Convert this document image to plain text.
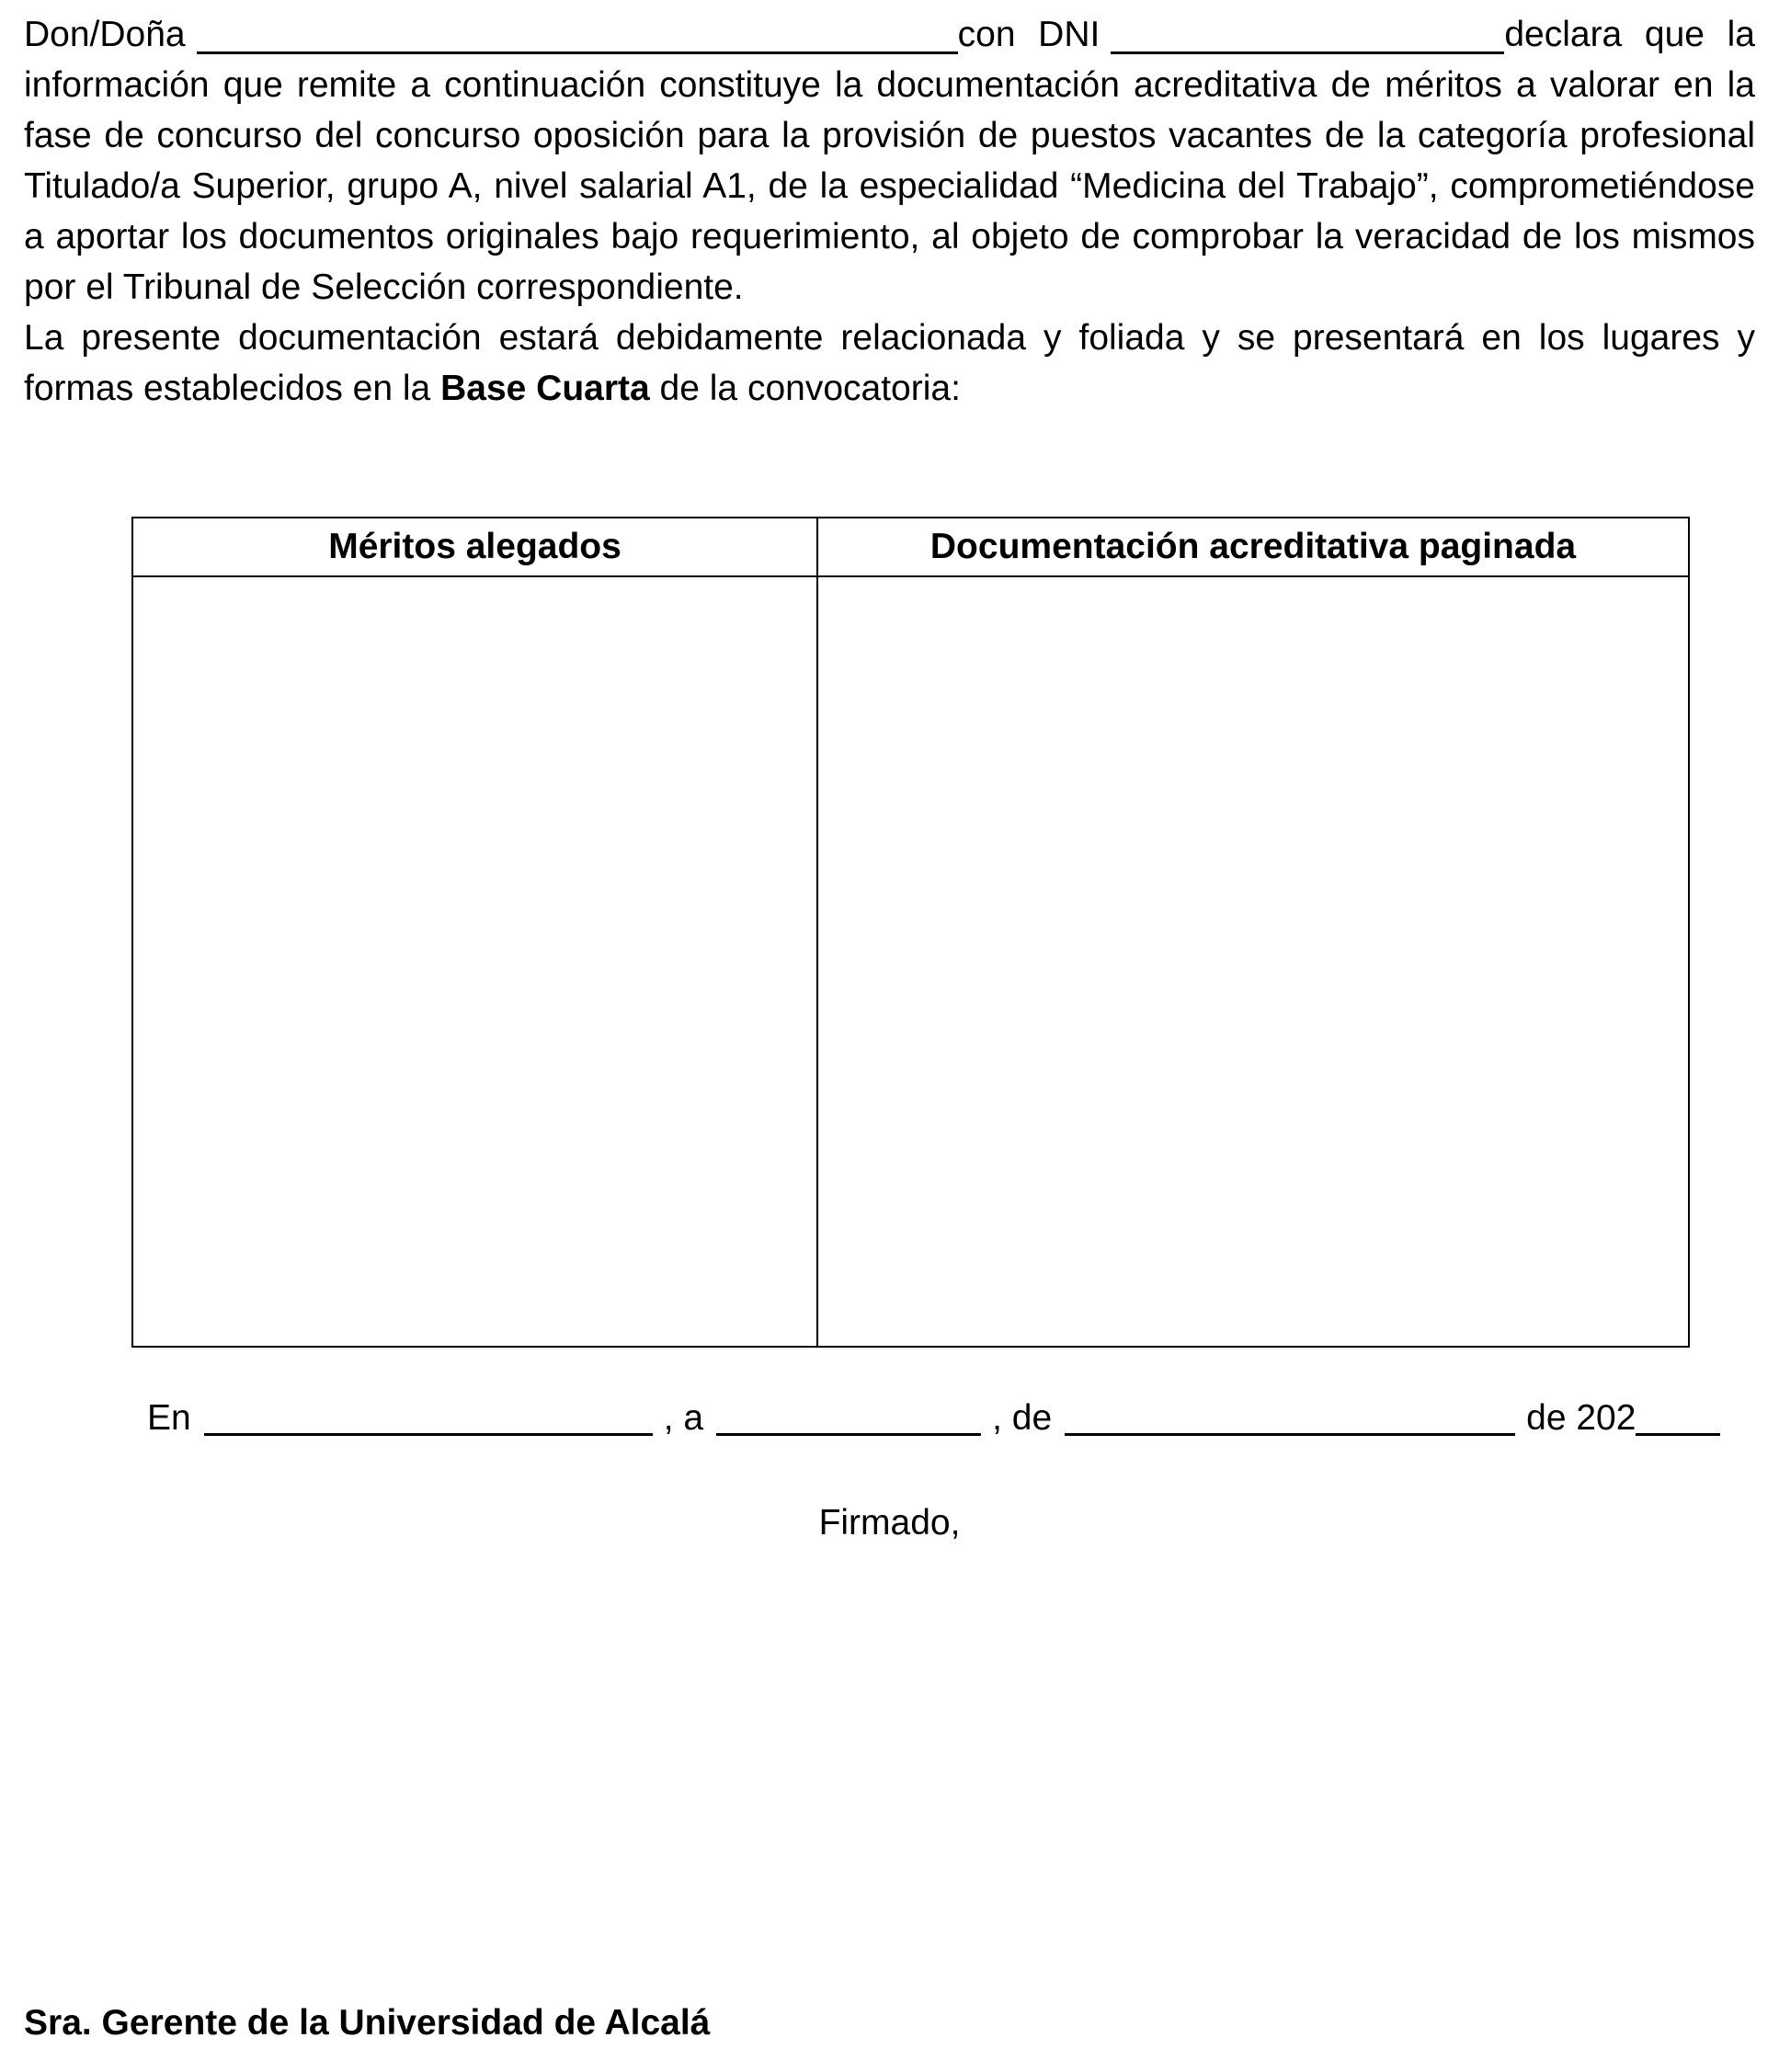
Don/Doña	con DNI	declara que la información que remite a continuación constituye la documentación acreditativa de méritos a valorar en la fase de concurso del concurso oposición para la provisión de puestos vacantes de la categoría profesional Titulado/a Superior, grupo A, nivel salarial A1, de la especialidad “Medicina del Trabajo”, comprometiéndose a aportar los documentos originales bajo requerimiento, al objeto de comprobar la veracidad de los mismos por el Tribunal de Selección correspondiente.

La presente documentación estará debidamente relacionada y foliada y se presentará en los lugares y formas establecidos en la Base Cuarta de la convocatoria:

Méritos alegados	Documentación acreditativa paginada

En	, a	, de	de 202
Firmado,
Sra. Gerente de la Universidad de Alcalá
